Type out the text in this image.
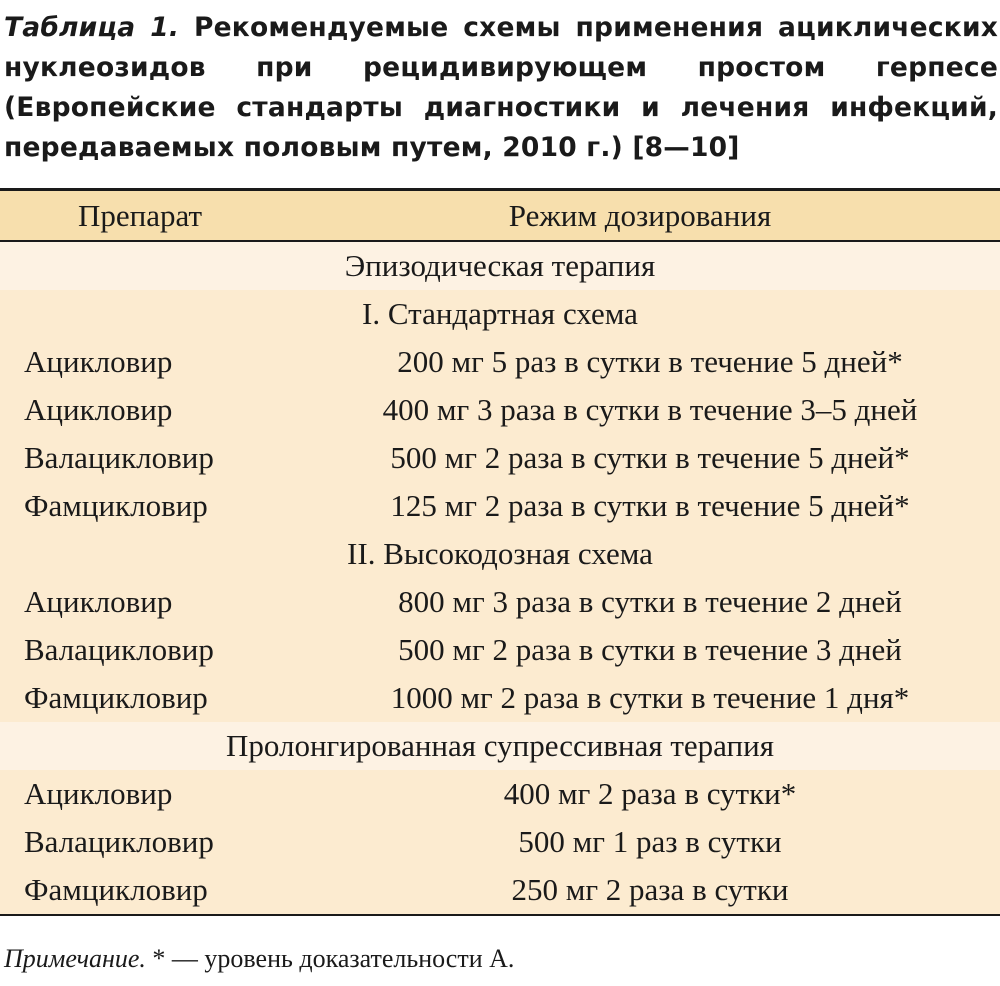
Таблица 1. Рекомендуемые схемы применения ациклических нуклеозидов при рецидивирующем простом герпесе (Европейские стандарты диагностики и лечения инфекций, передаваемых половым путем, 2010 г.) [8—10]
Препарат	Режим дозирования
Эпизодическая терапия
I. Стандартная схема
Ацикловир	200 мг 5 раз в сутки в течение 5 дней*
Ацикловир	400 мг 3 раза в сутки в течение 3–5 дней
Валацикловир	500 мг 2 раза в сутки в течение 5 дней*
Фамцикловир	125 мг 2 раза в сутки в течение 5 дней*
II. Высокодозная схема
Ацикловир	800 мг 3 раза в сутки в течение 2 дней
Валацикловир	500 мг 2 раза в сутки в течение 3 дней
Фамцикловир	1000 мг 2 раза в сутки в течение 1 дня*
Пролонгированная супрессивная терапия
Ацикловир	400 мг 2 раза в сутки*
Валацикловир	500 мг 1 раз в сутки
Фамцикловир	250 мг 2 раза в сутки
Примечание. * — уровень доказательности А.
